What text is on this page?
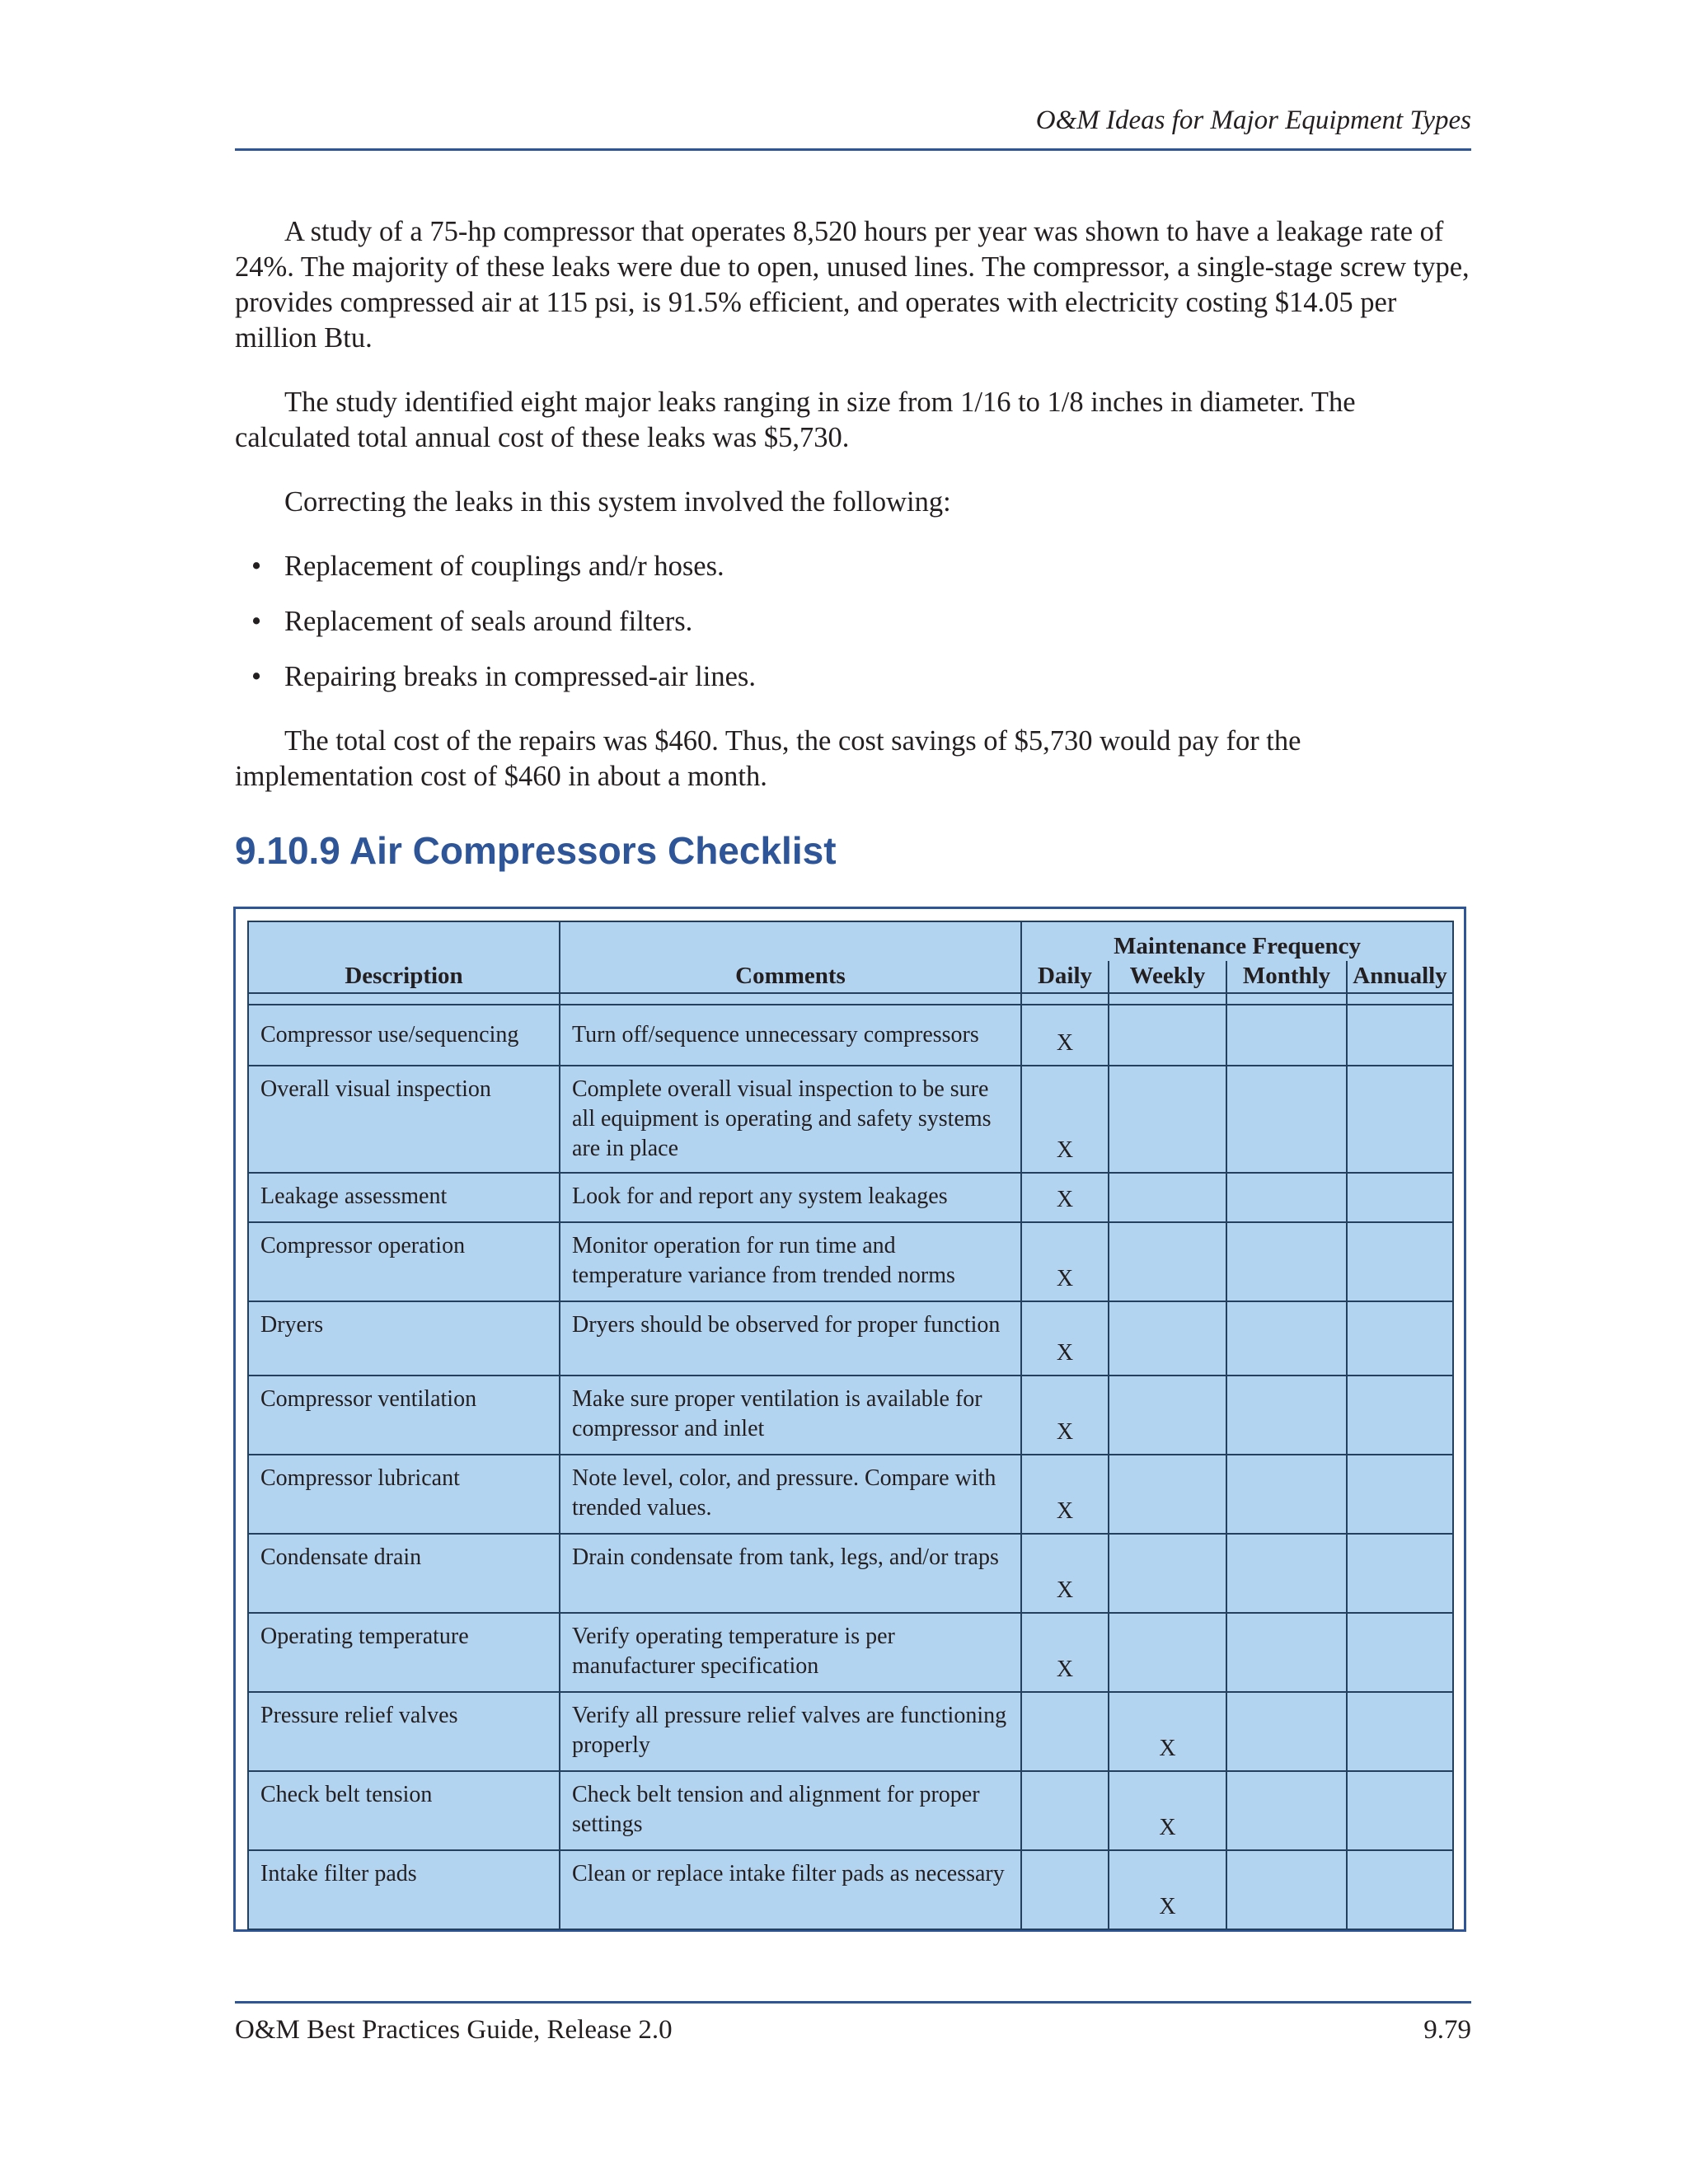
O&M Ideas for Major Equipment Types

A study of a 75-hp compressor that operates 8,520 hours per year was shown to have a leakage rate of 24%. The majority of these leaks were due to open, unused lines. The compressor, a single-stage screw type, provides compressed air at 115 psi, is 91.5% efficient, and operates with electricity costing $14.05 per million Btu.

The study identified eight major leaks ranging in size from 1/16 to 1/8 inches in diameter. The calculated total annual cost of these leaks was $5,730.

Correcting the leaks in this system involved the following:

• Replacement of couplings and/r hoses.
• Replacement of seals around filters.
• Repairing breaks in compressed-air lines.

The total cost of the repairs was $460. Thus, the cost savings of $5,730 would pay for the implementation cost of $460 in about a month.

9.10.9 Air Compressors Checklist
Description	Comments	Maintenance Frequency			
		Daily	Weekly	Monthly	Annually

Compressor use/sequencing	Turn off/sequence unnecessary compressors	X			
Overall visual inspection	Complete overall visual inspection to be sure all equipment is operating and safety systems are in place	X			
Leakage assessment	Look for and report any system leakages	X			
Compressor operation	Monitor operation for run time and temperature variance from trended norms	X			
Dryers	Dryers should be observed for proper function	X			
Compressor ventilation	Make sure proper ventilation is available for compressor and inlet	X			
Compressor lubricant	Note level, color, and pressure. Compare with trended values.	X			
Condensate drain	Drain condensate from tank, legs, and/or traps	X			
Operating temperature	Verify operating temperature is per manufacturer specification	X			
Pressure relief valves	Verify all pressure relief valves are functioning properly		X		
Check belt tension	Check belt tension and alignment for proper settings		X		
Intake filter pads	Clean or replace intake filter pads as necessary		X		
O&M Best Practices Guide, Release 2.0	9.79
